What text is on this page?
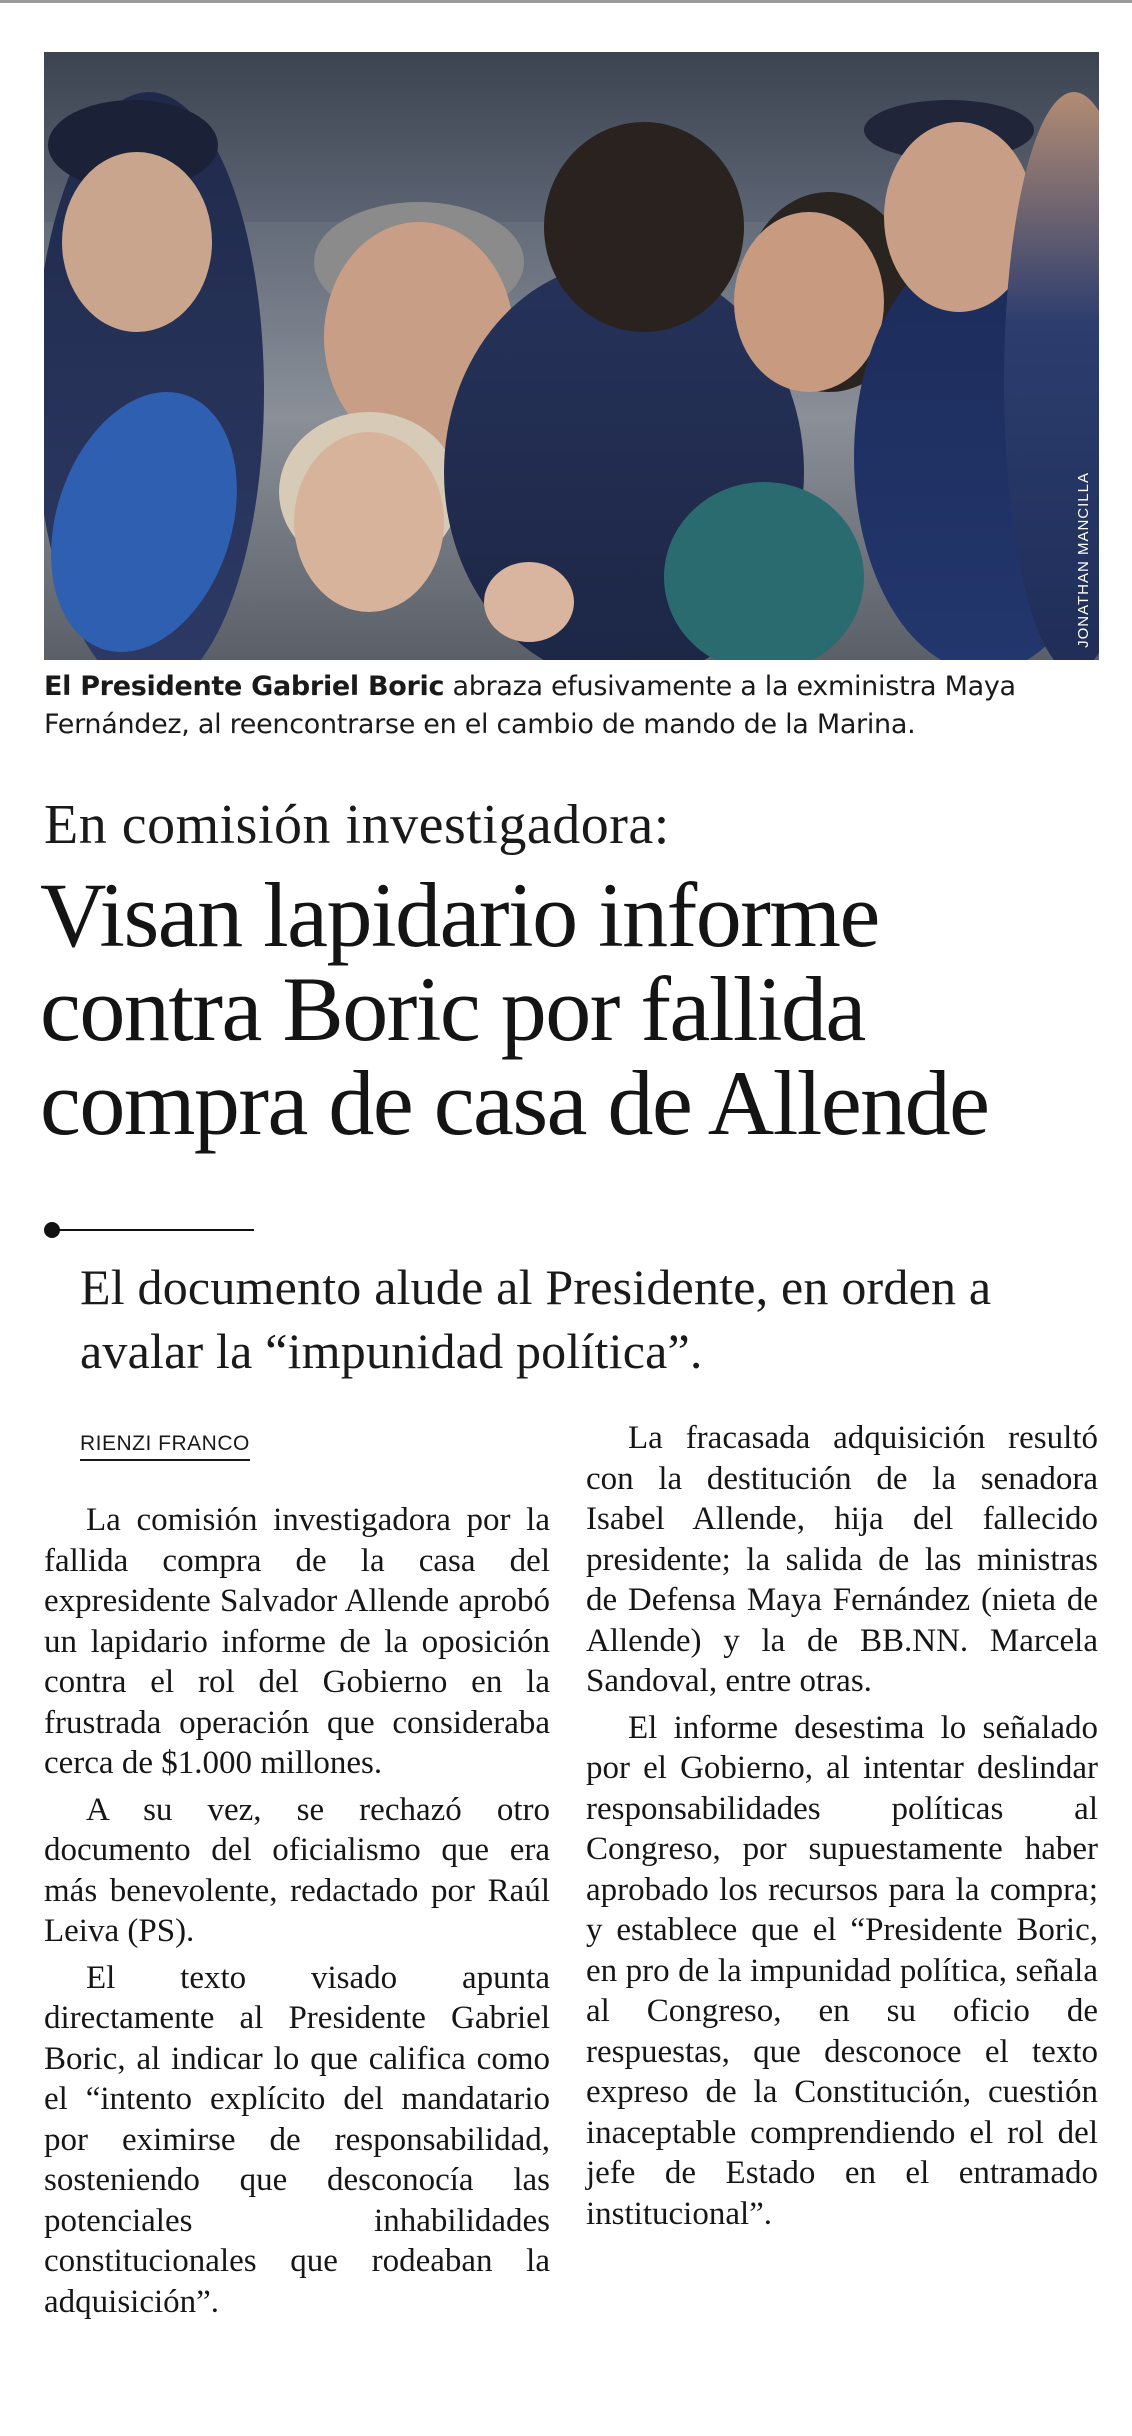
JONATHAN MANCILLA
El Presidente Gabriel Boric abraza efusivamente a la exministra Maya Fernández, al reencontrarse en el cambio de mando de la Marina.
En comisión investigadora:
Visan lapidario informe contra Boric por fallida compra de casa de Allende
El documento alude al Presidente, en orden a avalar la “impunidad política”.
RIENZI FRANCO

La comisión investigadora por la fallida compra de la casa del expresidente Salvador Allende aprobó un lapidario informe de la oposición contra el rol del Gobierno en la frustrada operación que consideraba cerca de $1.000 millones.

A su vez, se rechazó otro documento del oficialismo que era más benevolente, redactado por Raúl Leiva (PS).

El texto visado apunta directamente al Presidente Gabriel Boric, al indicar lo que califica como el “intento explícito del mandatario por eximirse de responsabilidad, sosteniendo que desconocía las potenciales inhabilidades constitucionales que rodeaban la adquisición”.

La fracasada adquisición resultó con la destitución de la senadora Isabel Allende, hija del fallecido presidente; la salida de las ministras de Defensa Maya Fernández (nieta de Allende) y la de BB.NN. Marcela Sandoval, entre otras.

El informe desestima lo señalado por el Gobierno, al intentar deslindar responsabilidades políticas al Congreso, por supuestamente haber aprobado los recursos para la compra; y establece que el “Presidente Boric, en pro de la impunidad política, señala al Congreso, en su oficio de respuestas, que desconoce el texto expreso de la Constitución, cuestión inaceptable comprendiendo el rol del jefe de Estado en el entramado institucional”.
